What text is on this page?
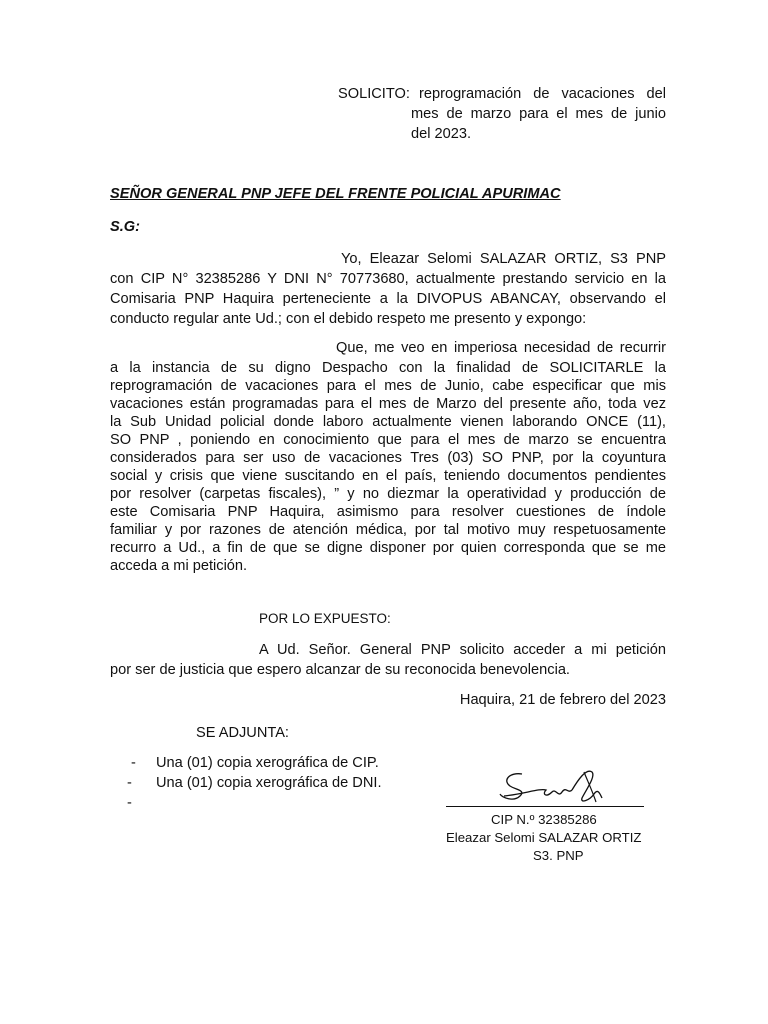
SOLICITO: reprogramación de vacaciones del
mes de marzo para el mes de junio
del 2023.
SEÑOR GENERAL PNP JEFE DEL FRENTE POLICIAL APURIMAC
S.G:
Yo, Eleazar Selomi SALAZAR ORTIZ, S3 PNP
con CIP N° 32385286 Y DNI N° 70773680, actualmente prestando servicio en la
Comisaria PNP Haquira perteneciente a la DIVOPUS ABANCAY, observando el
conducto regular ante Ud.; con el debido respeto me presento y expongo:
Que, me veo en imperiosa necesidad de recurrir
a la instancia de su digno Despacho con la finalidad de SOLICITARLE la
reprogramación de vacaciones para el mes de Junio, cabe especificar que mis
vacaciones están programadas para el mes de Marzo del presente año, toda vez
la Sub Unidad policial donde laboro actualmente vienen laborando ONCE (11),
SO PNP , poniendo en conocimiento que para el mes de marzo se encuentra
considerados para ser uso de vacaciones Tres (03) SO PNP, por la coyuntura
social y crisis que viene suscitando en el país, teniendo documentos pendientes
por resolver (carpetas fiscales), ” y no diezmar la operatividad y producción de
este Comisaria PNP Haquira, asimismo para resolver cuestiones de índole
familiar y por razones de atención médica, por tal motivo muy respetuosamente
recurro a Ud., a fin de que se digne disponer por quien corresponda que se me
acceda a mi petición.
POR LO EXPUESTO:
A Ud. Señor. General PNP solicito acceder a mi petición
por ser de justicia que espero alcanzar de su reconocida benevolencia.
Haquira, 21 de febrero del 2023
SE ADJUNTA:
- Una (01) copia xerográfica de CIP.
- Una (01) copia xerográfica de DNI.
-
CIP N.º 32385286
Eleazar Selomi SALAZAR ORTIZ
S3. PNP
